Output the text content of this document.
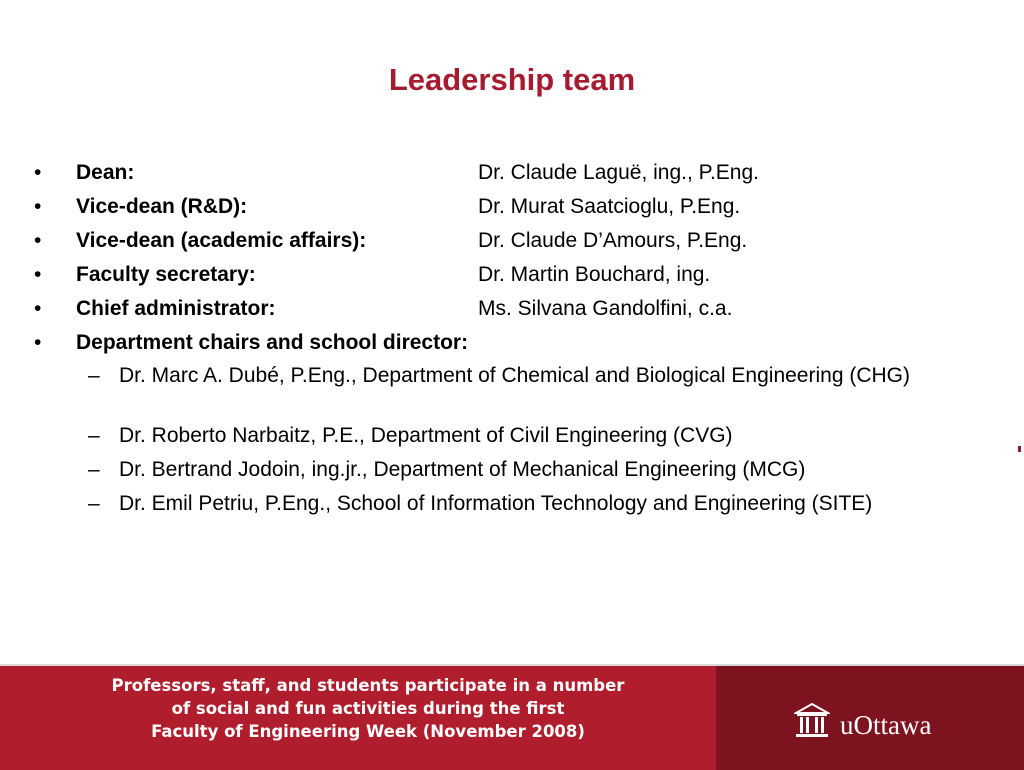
Leadership team
• Dean:	Dr. Claude Laguë, ing., P.Eng.
• Vice-dean (R&D):	Dr. Murat Saatcioglu, P.Eng.
• Vice-dean (academic affairs):	Dr. Claude D’Amours, P.Eng.
• Faculty secretary:	Dr. Martin Bouchard, ing.
• Chief administrator:	Ms. Silvana Gandolfini, c.a.
• Department chairs and school director:
– Dr. Marc A. Dubé, P.Eng., Department of Chemical and Biological Engineering (CHG)
– Dr. Roberto Narbaitz, P.E., Department of Civil Engineering (CVG)
– Dr. Bertrand Jodoin, ing.jr., Department of Mechanical Engineering (MCG)
– Dr. Emil Petriu, P.Eng., School of Information Technology and Engineering (SITE)
Professors, staff, and students participate in a number
of social and fun activities during the first
Faculty of Engineering Week (November 2008)	uOttawa
